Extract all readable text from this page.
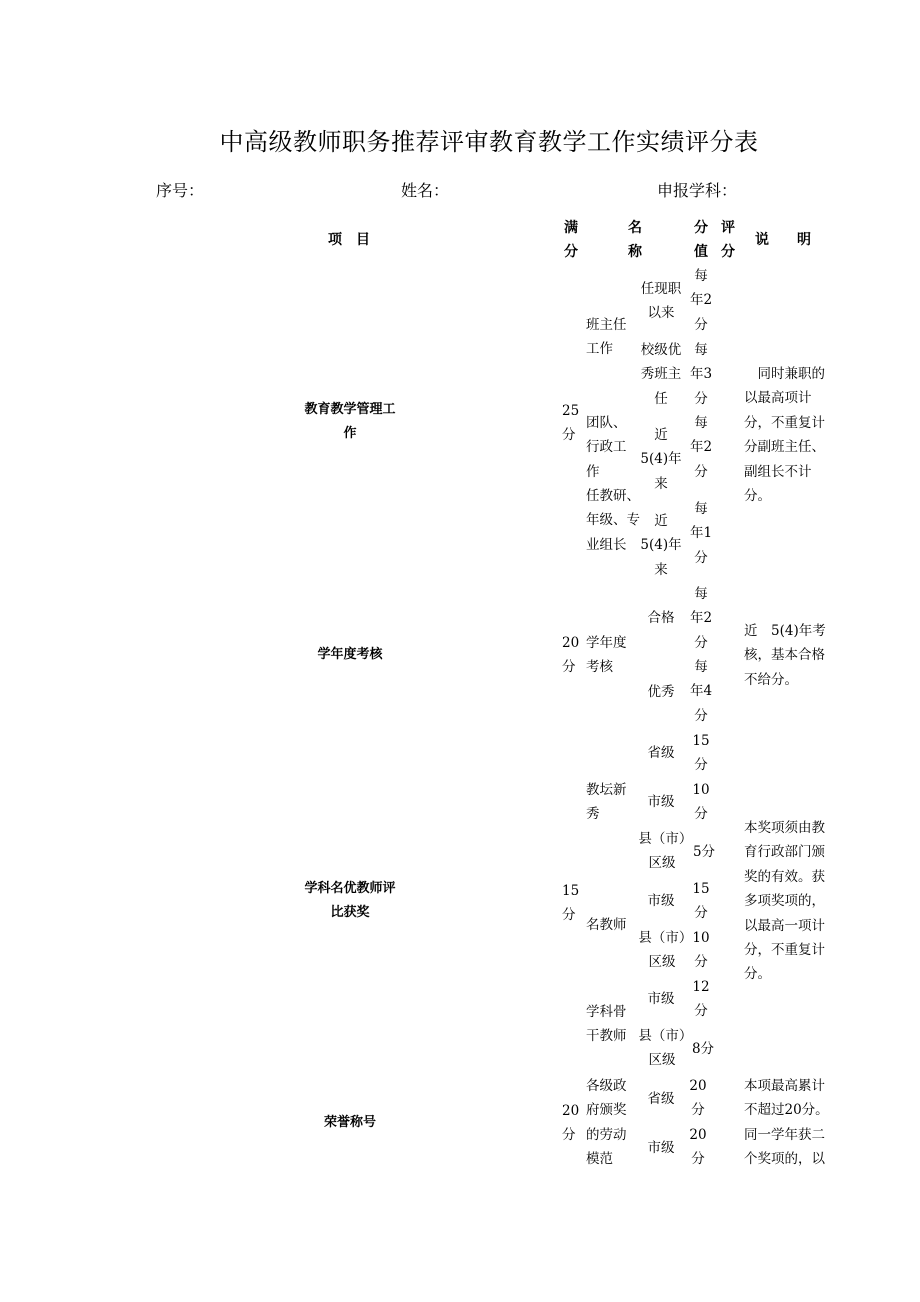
中高级教师职务推荐评审教育教学工作实绩评分表
序号：	姓名：	申报学科：
项　目
满分
名称
分值
评分
说　　明
教育教学管理工作
25分
班主任工作
任现职以来
每年2分
校级优秀班主任
每年3分
团队、行政工作
近　5(4)年来
每年2分
任教研、年级、专业组长
近　5(4)年来
每年1分
　同时兼职的以最高项计分，不重复计分副班主任、副组长不计分。
学年度考核
20分
学年度考核
合格
每年2分
优秀
每年4分
近　5(4)年考核，基本合格不给分。
学科名优教师评比获奖
15分
教坛新秀
省级
15分
市级
10分
县（市）区级
5分
名教师
市级
15分
县（市）区级
10分
学科骨干教师
市级
12分
县（市）区级
8分
本奖项须由教育行政部门颁奖的有效。获多项奖项的，以最高一项计分，不重复计分。
荣誉称号
20分
各级政府颁奖的劳动模范
省级
20分
市级
20分
本项最高累计不超过20分。同一学年获二个奖项的，以
